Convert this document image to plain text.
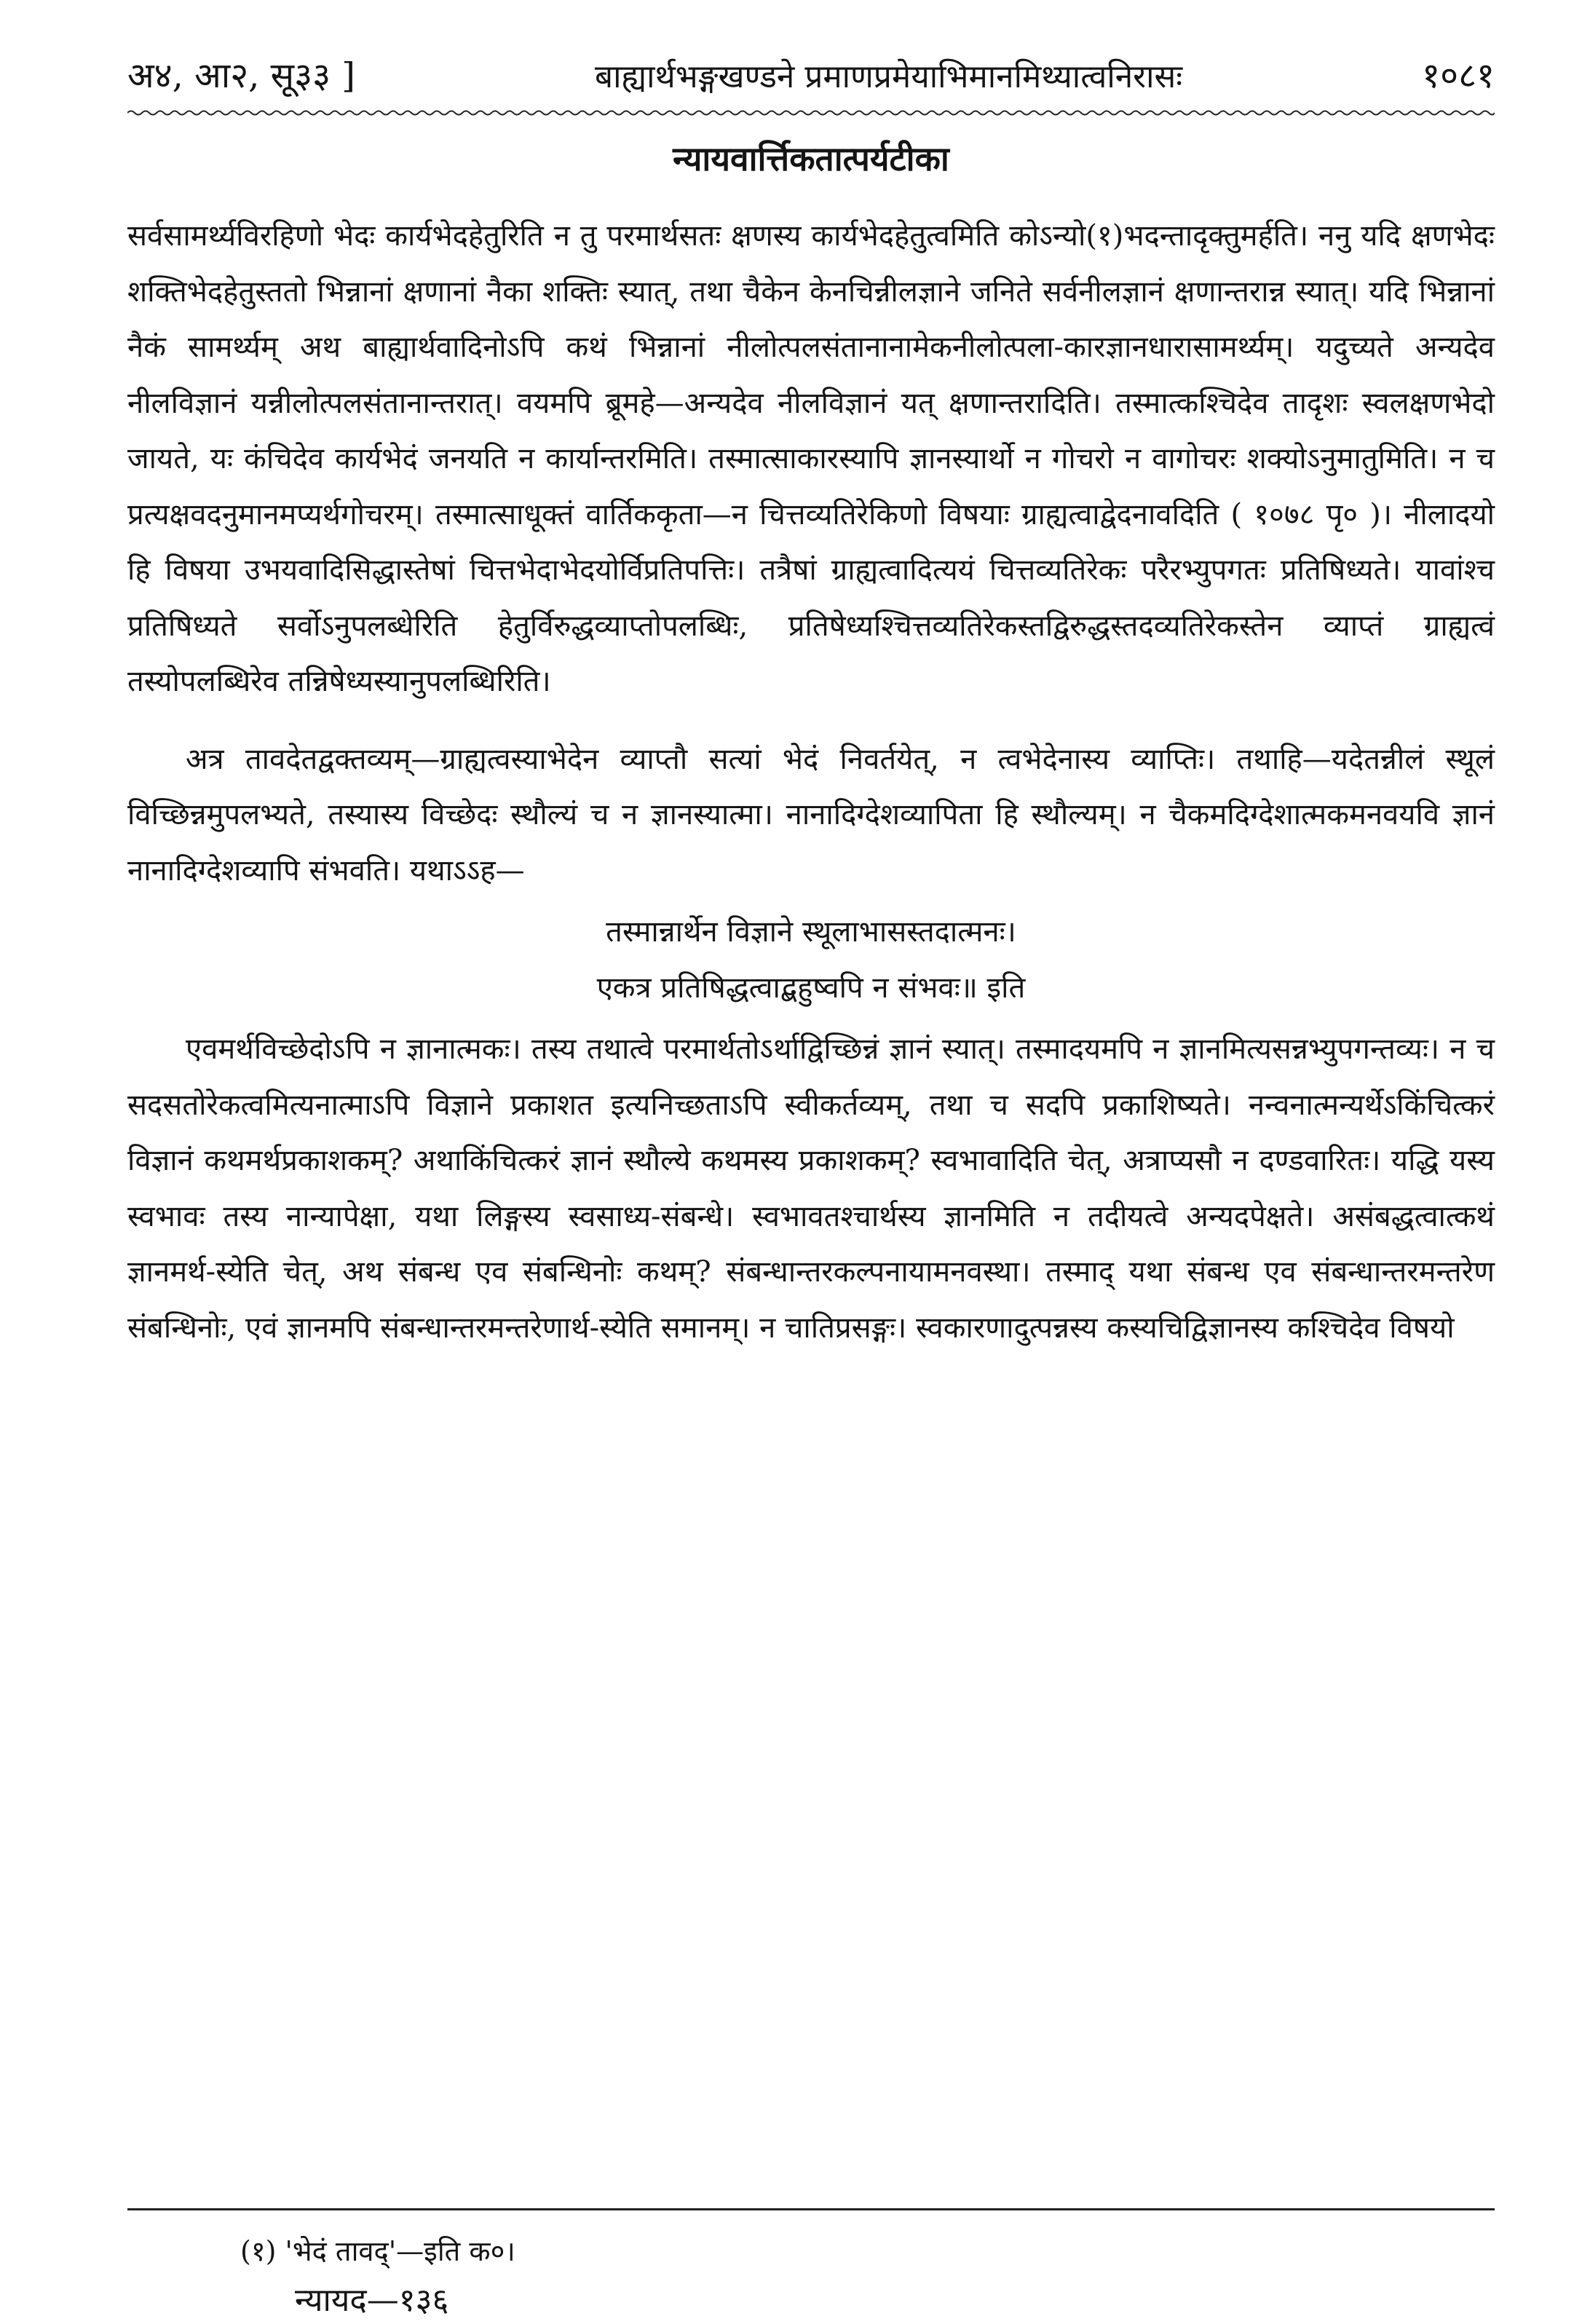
अ४, आ२, सू३३ ]	बाह्यार्थभङ्गखण्डने प्रमाणप्रमेयाभिमानमिथ्यात्वनिरासः	१०८१
न्यायवार्त्तिकतात्पर्यटीका

सर्वसामर्थ्यविरहिणो भेदः कार्यभेदहेतुरिति न तु परमार्थसतः क्षणस्य कार्यभेदहेतुत्वमिति कोऽन्यो(१)भदन्तादृक्तुमर्हति। ननु यदि क्षणभेदः शक्तिभेदहेतुस्ततो भिन्नानां क्षणानां नैका शक्तिः स्यात्, तथा चैकेन केनचिन्नीलज्ञाने जनिते सर्वनीलज्ञानं क्षणान्तरान्न स्यात्। यदि भिन्नानां नैकं सामर्थ्यम् अथ बाह्यार्थवादिनोऽपि कथं भिन्नानां नीलोत्पलसंतानानामेकनीलोत्पला-कारज्ञानधारासामर्थ्यम्। यदुच्यते अन्यदेव नीलविज्ञानं यन्नीलोत्पलसंतानान्तरात्। वयमपि ब्रूमहे—अन्यदेव नीलविज्ञानं यत् क्षणान्तरादिति। तस्मात्कश्चिदेव तादृशः स्वलक्षणभेदो जायते, यः कंचिदेव कार्यभेदं जनयति न कार्यान्तरमिति। तस्मात्साकारस्यापि ज्ञानस्यार्थो न गोचरो न वागोचरः शक्योऽनुमातुमिति। न च प्रत्यक्षवदनुमानमप्यर्थगोचरम्। तस्मात्साधूक्तं वार्तिककृता—न चित्तव्यतिरेकिणो विषयाः ग्राह्यत्वाद्वेदनावदिति ( १०७८ पृ० )। नीलादयो हि विषया उभयवादिसिद्धास्तेषां चित्तभेदाभेदयोर्विप्रतिपत्तिः। तत्रैषां ग्राह्यत्वादित्ययं चित्तव्यतिरेकः परैरभ्युपगतः प्रतिषिध्यते। यावांश्च प्रतिषिध्यते सर्वोऽनुपलब्धेरिति हेतुर्विरुद्धव्याप्तोपलब्धिः, प्रतिषेध्यश्चित्तव्यतिरेकस्तद्विरुद्धस्तदव्यतिरेकस्तेन व्याप्तं ग्राह्यत्वं तस्योपलब्धिरेव तन्निषेध्यस्यानुपलब्धिरिति।

अत्र तावदेतद्वक्तव्यम्—ग्राह्यत्वस्याभेदेन व्याप्तौ सत्यां भेदं निवर्तयेत्, न त्वभेदेनास्य व्याप्तिः। तथाहि—यदेतन्नीलं स्थूलं विच्छिन्नमुपलभ्यते, तस्यास्य विच्छेदः स्थौल्यं च न ज्ञानस्यात्मा। नानादिग्देशव्यापिता हि स्थौल्यम्। न चैकमदिग्देशात्मकमनवयवि ज्ञानं नानादिग्देशव्यापि संभवति। यथाऽऽह—

तस्मान्नार्थेन विज्ञाने स्थूलाभासस्तदात्मनः।
एकत्र प्रतिषिद्धत्वाद्बहुष्वपि न संभवः॥ इति

एवमर्थविच्छेदोऽपि न ज्ञानात्मकः। तस्य तथात्वे परमार्थतोऽर्थाद्विच्छिन्नं ज्ञानं स्यात्। तस्मादयमपि न ज्ञानमित्यसन्नभ्युपगन्तव्यः। न च सदसतोरेकत्वमित्यनात्माऽपि विज्ञाने प्रकाशत इत्यनिच्छताऽपि स्वीकर्तव्यम्, तथा च सदपि प्रकाशिष्यते। नन्वनात्मन्यर्थेऽकिंचित्करं विज्ञानं कथमर्थप्रकाशकम्? अथाकिंचित्करं ज्ञानं स्थौल्ये कथमस्य प्रकाशकम्? स्वभावादिति चेत्, अत्राप्यसौ न दण्डवारितः। यद्धि यस्य स्वभावः तस्य नान्यापेक्षा, यथा लिङ्गस्य स्वसाध्य-संबन्धे। स्वभावतश्चार्थस्य ज्ञानमिति न तदीयत्वे अन्यदपेक्षते। असंबद्धत्वात्कथं ज्ञानमर्थ-स्येति चेत्, अथ संबन्ध एव संबन्धिनोः कथम्? संबन्धान्तरकल्पनायामनवस्था। तस्माद् यथा संबन्ध एव संबन्धान्तरमन्तरेण संबन्धिनोः, एवं ज्ञानमपि संबन्धान्तरमन्तरेणार्थ-स्येति समानम्। न चातिप्रसङ्गः। स्वकारणादुत्पन्नस्य कस्यचिद्विज्ञानस्य कश्चिदेव विषयो

(१) 'भेदं तावद्'—इति क०।
न्यायद—१३६
